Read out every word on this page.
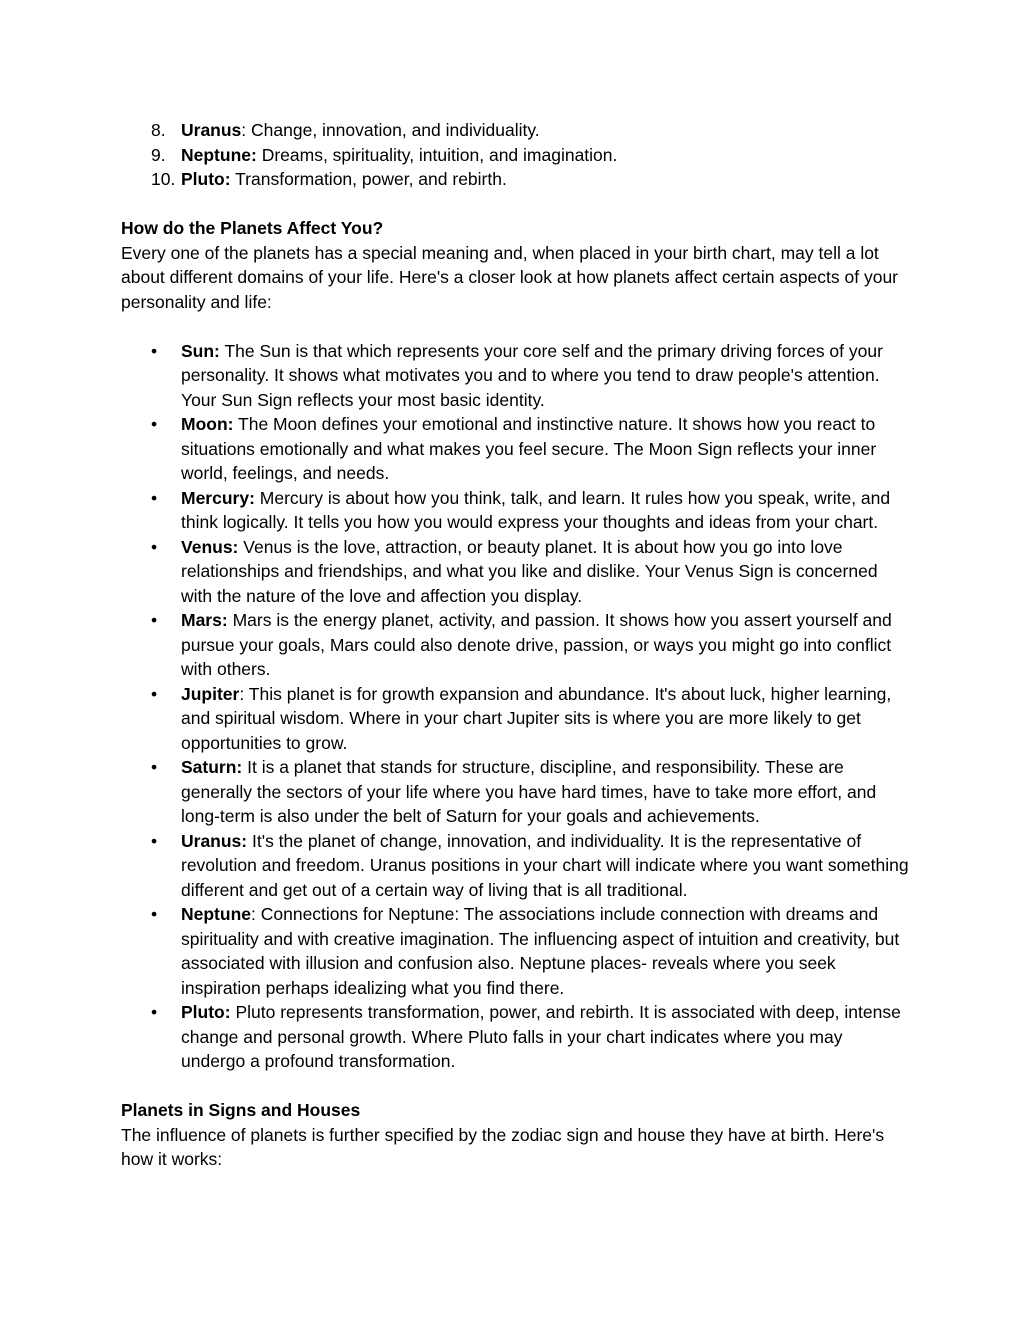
8. Uranus: Change, innovation, and individuality.
9. Neptune: Dreams, spirituality, intuition, and imagination.
10. Pluto: Transformation, power, and rebirth.
How do the Planets Affect You?

Every one of the planets has a special meaning and, when placed in your birth chart, may tell a lot about different domains of your life. Here's a closer look at how planets affect certain aspects of your personality and life:

• Sun: The Sun is that which represents your core self and the primary driving forces of your personality. It shows what motivates you and to where you tend to draw people's attention. Your Sun Sign reflects your most basic identity.
• Moon: The Moon defines your emotional and instinctive nature. It shows how you react to situations emotionally and what makes you feel secure. The Moon Sign reflects your inner world, feelings, and needs.
• Mercury: Mercury is about how you think, talk, and learn. It rules how you speak, write, and think logically. It tells you how you would express your thoughts and ideas from your chart.
• Venus: Venus is the love, attraction, or beauty planet. It is about how you go into love relationships and friendships, and what you like and dislike. Your Venus Sign is concerned with the nature of the love and affection you display.
• Mars: Mars is the energy planet, activity, and passion. It shows how you assert yourself and pursue your goals, Mars could also denote drive, passion, or ways you might go into conflict with others.
• Jupiter: This planet is for growth expansion and abundance. It's about luck, higher learning, and spiritual wisdom. Where in your chart Jupiter sits is where you are more likely to get opportunities to grow.
• Saturn: It is a planet that stands for structure, discipline, and responsibility. These are generally the sectors of your life where you have hard times, have to take more effort, and long-term is also under the belt of Saturn for your goals and achievements.
• Uranus: It's the planet of change, innovation, and individuality. It is the representative of revolution and freedom. Uranus positions in your chart will indicate where you want something different and get out of a certain way of living that is all traditional.
• Neptune: Connections for Neptune: The associations include connection with dreams and spirituality and with creative imagination. The influencing aspect of intuition and creativity, but associated with illusion and confusion also. Neptune places- reveals where you seek inspiration perhaps idealizing what you find there.
• Pluto: Pluto represents transformation, power, and rebirth. It is associated with deep, intense change and personal growth. Where Pluto falls in your chart indicates where you may undergo a profound transformation.
Planets in Signs and Houses

The influence of planets is further specified by the zodiac sign and house they have at birth. Here's how it works:
